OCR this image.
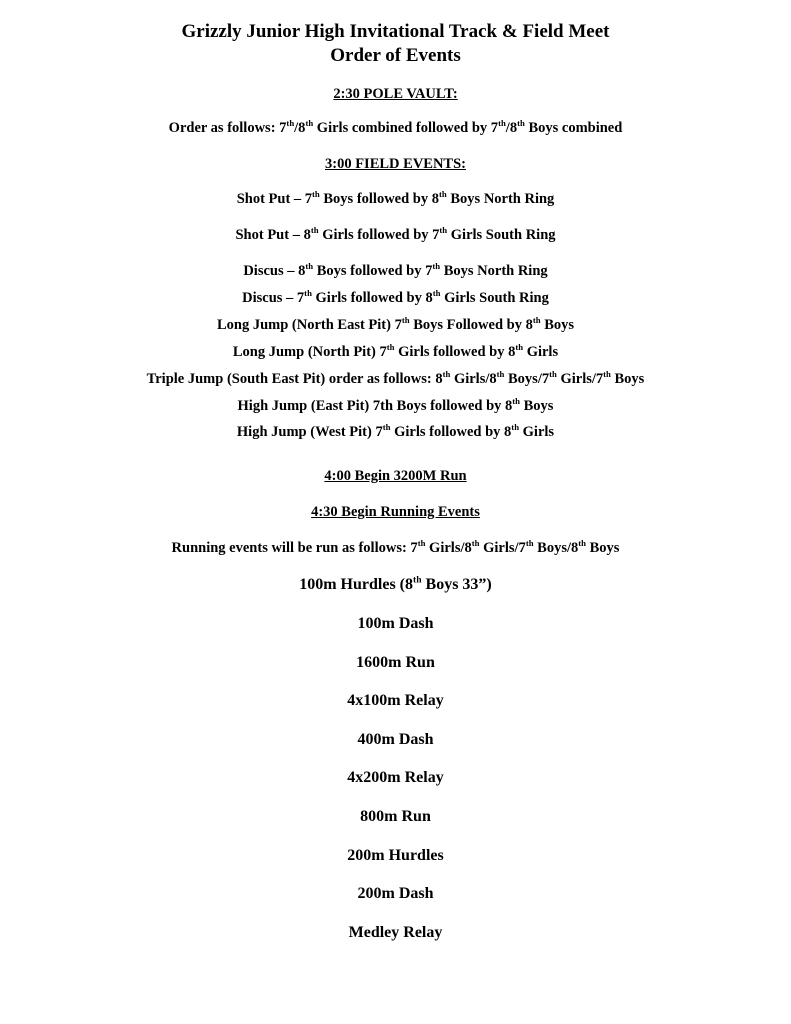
Grizzly Junior High Invitational Track & Field Meet
Order of Events
2:30 POLE VAULT:
Order as follows: 7th/8th Girls combined followed by 7th/8th Boys combined
3:00 FIELD EVENTS:
Shot Put – 7th Boys followed by 8th Boys North Ring
Shot Put – 8th Girls followed by 7th Girls South Ring
Discus – 8th Boys followed by 7th Boys North Ring
Discus – 7th Girls followed by 8th Girls South Ring
Long Jump (North East Pit) 7th Boys Followed by 8th Boys
Long Jump (North Pit) 7th Girls followed by 8th Girls
Triple Jump (South East Pit) order as follows: 8th Girls/8th Boys/7th Girls/7th Boys
High Jump (East Pit) 7th Boys followed by 8th Boys
High Jump (West Pit) 7th Girls followed by 8th Girls
4:00 Begin 3200M Run
4:30 Begin Running Events
Running events will be run as follows: 7th Girls/8th Girls/7th Boys/8th Boys
100m Hurdles (8th Boys 33”)
100m Dash
1600m Run
4x100m Relay
400m Dash
4x200m Relay
800m Run
200m Hurdles
200m Dash
Medley Relay
